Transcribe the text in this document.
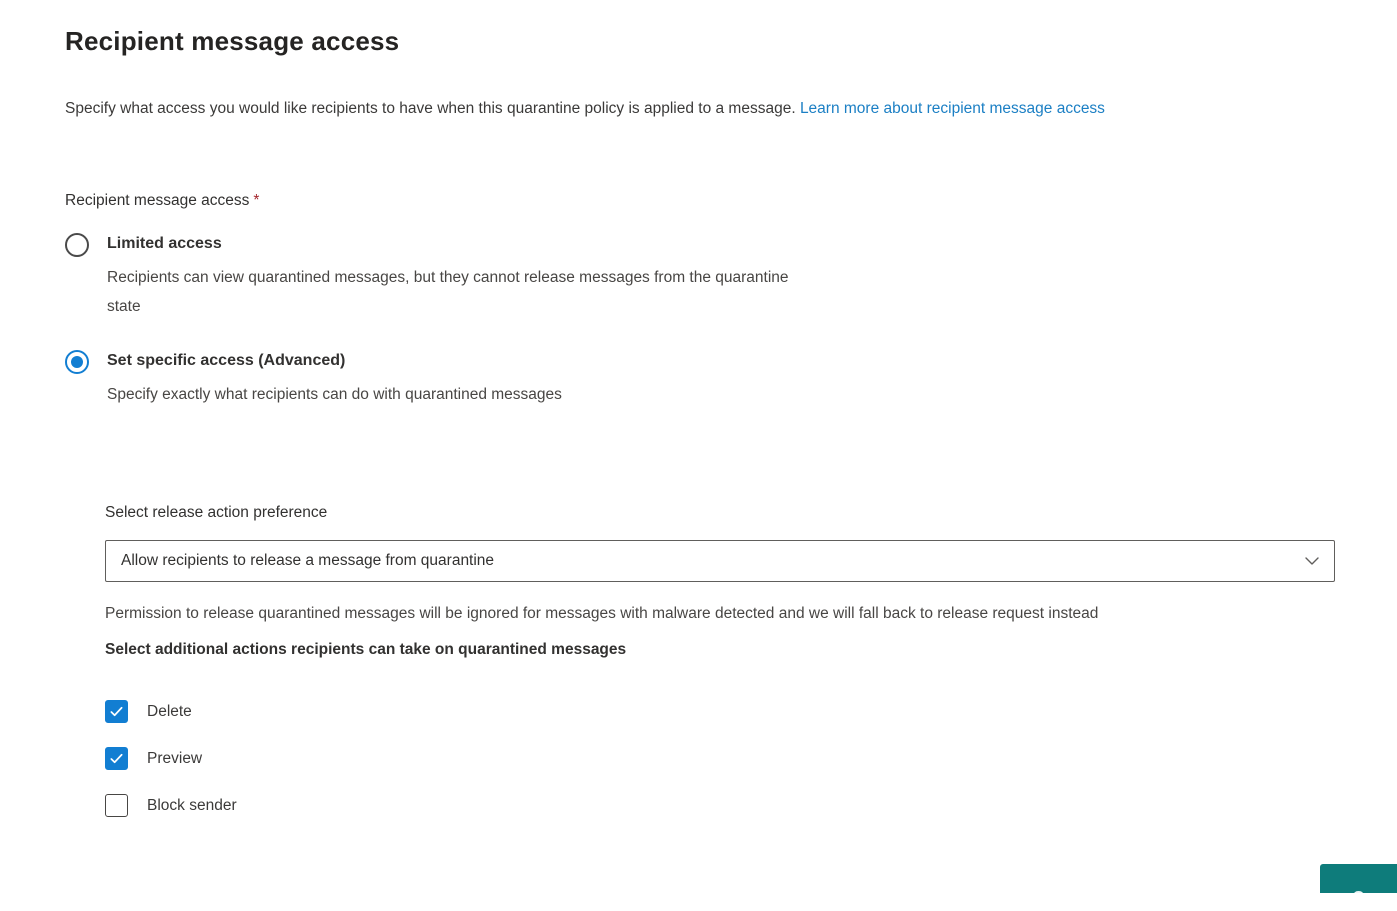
Recipient message access

Specify what access you would like recipients to have when this quarantine policy is applied to a message. Learn more about recipient message access

Recipient message access *
Limited access
Recipients can view quarantined messages, but they cannot release messages from the quarantine state
Set specific access (Advanced)
Specify exactly what recipients can do with quarantined messages
Select release action preference
Allow recipients to release a message from quarantine

Permission to release quarantined messages will be ignored for messages with malware detected and we will fall back to release request instead

Select additional actions recipients can take on quarantined messages
Delete
Preview
Block sender
?
